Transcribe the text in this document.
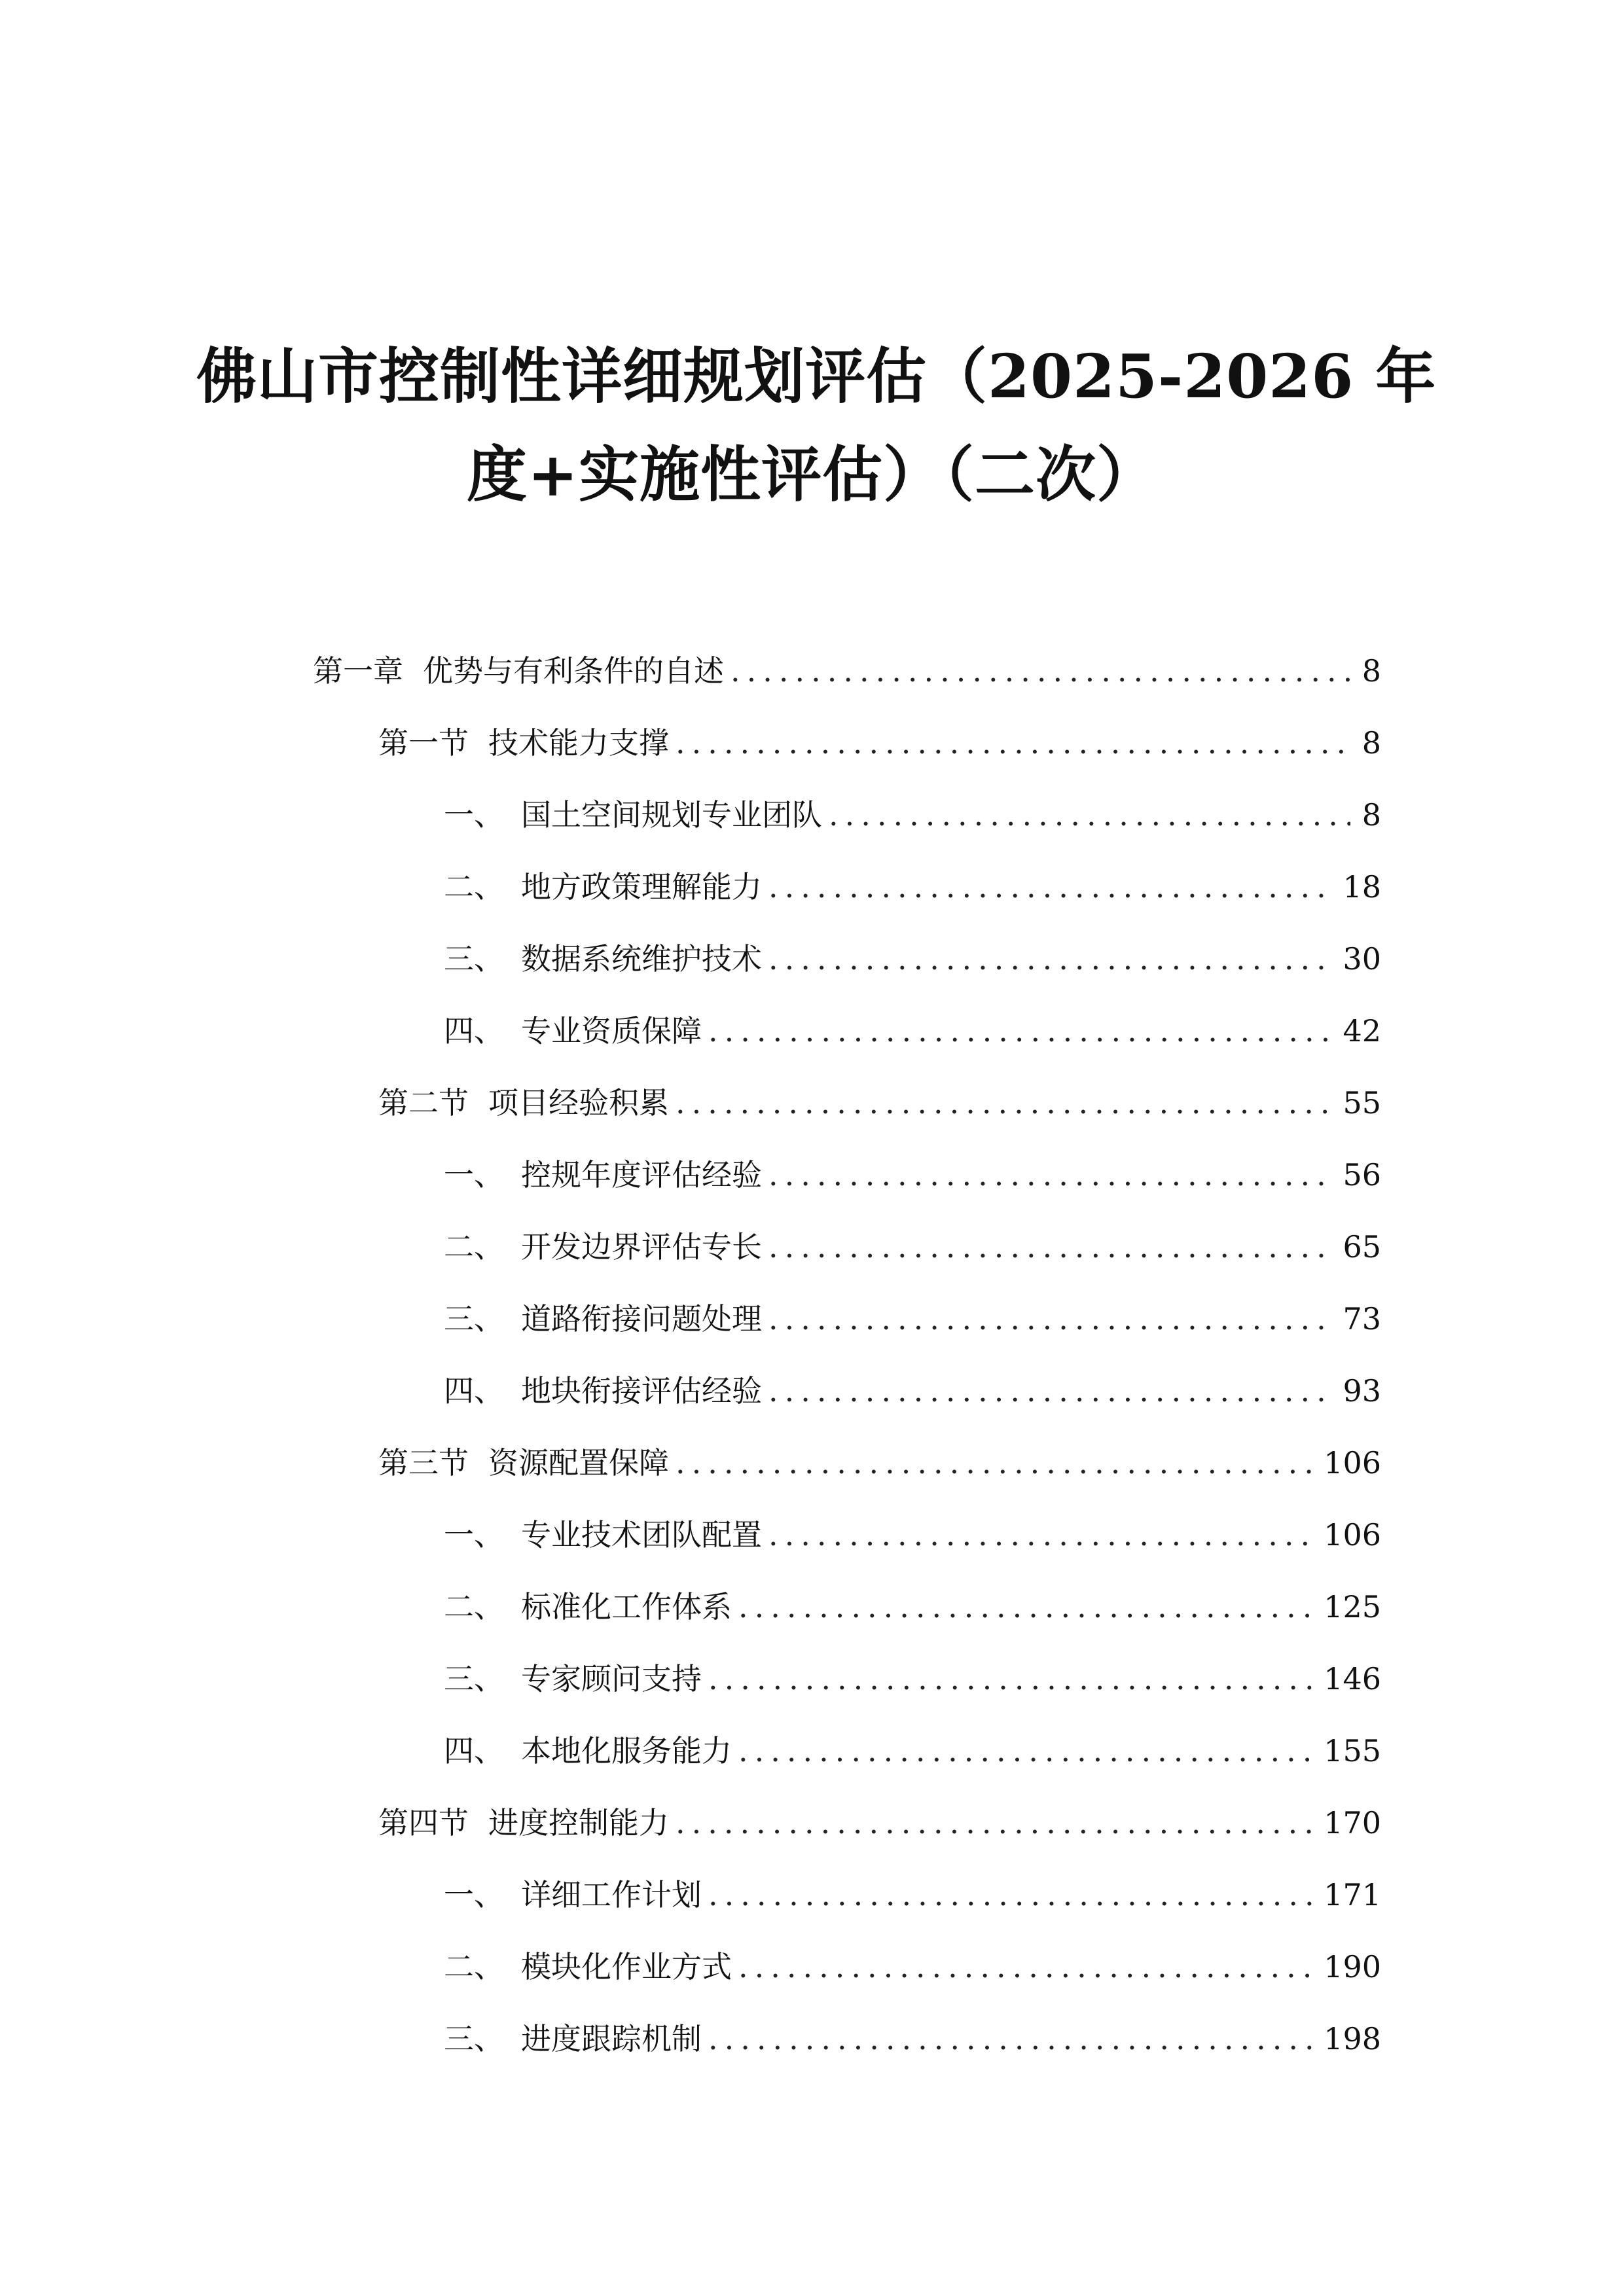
佛山市控制性详细规划评估（2025-2026 年
度+实施性评估）（二次）
第一章 优势与有利条件的自述 .....	8
第一节 技术能力支撑 .....	8
一、 国土空间规划专业团队 .....	8
二、 地方政策理解能力 .....	18
三、 数据系统维护技术 .....	30
四、 专业资质保障 .....	42
第二节 项目经验积累 .....	55
一、 控规年度评估经验 .....	56
二、 开发边界评估专长 .....	65
三、 道路衔接问题处理 .....	73
四、 地块衔接评估经验 .....	93
第三节 资源配置保障 .....	106
一、 专业技术团队配置 .....	106
二、 标准化工作体系 .....	125
三、 专家顾问支持 .....	146
四、 本地化服务能力 .....	155
第四节 进度控制能力 .....	170
一、 详细工作计划 .....	171
二、 模块化作业方式 .....	190
三、 进度跟踪机制 .....	198
